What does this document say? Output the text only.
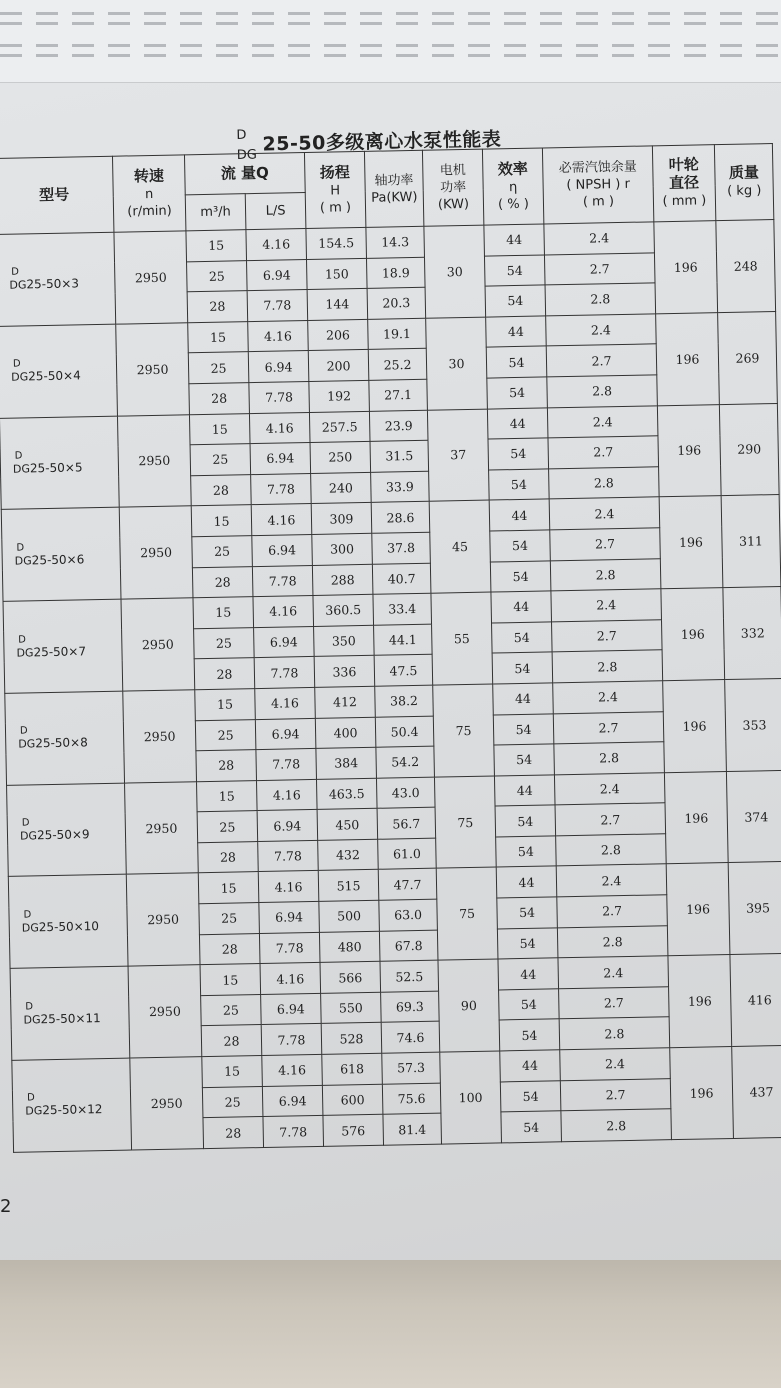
D
DG 25-50多级离心水泵性能表
型号	转速
n
(r/min)	流 量Q		扬程
H
( m )	轴功率
Pa(KW)	电机
功率
(KW)	效率
η
( % )	必需汽蚀余量
( NPSH ) r
( m )	叶轮
直径
( mm )	质量
( kg )
		m³/h	L/S							

D
DG25-50×3	2950	15	4.16	154.5	14.3	30	44	2.4	196	248
		25	6.94	150	18.9		54	2.7		
		28	7.78	144	20.3		54	2.8		

D
DG25-50×4	2950	15	4.16	206	19.1	30	44	2.4	196	269
		25	6.94	200	25.2		54	2.7		
		28	7.78	192	27.1		54	2.8		

D
DG25-50×5	2950	15	4.16	257.5	23.9	37	44	2.4	196	290
		25	6.94	250	31.5		54	2.7		
		28	7.78	240	33.9		54	2.8		

D
DG25-50×6	2950	15	4.16	309	28.6	45	44	2.4	196	311
		25	6.94	300	37.8		54	2.7		
		28	7.78	288	40.7		54	2.8		

D
DG25-50×7	2950	15	4.16	360.5	33.4	55	44	2.4	196	332
		25	6.94	350	44.1		54	2.7		
		28	7.78	336	47.5		54	2.8		

D
DG25-50×8	2950	15	4.16	412	38.2	75	44	2.4	196	353
		25	6.94	400	50.4		54	2.7		
		28	7.78	384	54.2		54	2.8		

D
DG25-50×9	2950	15	4.16	463.5	43.0	75	44	2.4	196	374
		25	6.94	450	56.7		54	2.7		
		28	7.78	432	61.0		54	2.8		

D
DG25-50×10	2950	15	4.16	515	47.7	75	44	2.4	196	395
		25	6.94	500	63.0		54	2.7		
		28	7.78	480	67.8		54	2.8		

D
DG25-50×11	2950	15	4.16	566	52.5	90	44	2.4	196	416
		25	6.94	550	69.3		54	2.7		
		28	7.78	528	74.6		54	2.8		

D
DG25-50×12	2950	15	4.16	618	57.3	100	44	2.4	196	437
		25	6.94	600	75.6		54	2.7		
		28	7.78	576	81.4		54	2.8		
2
